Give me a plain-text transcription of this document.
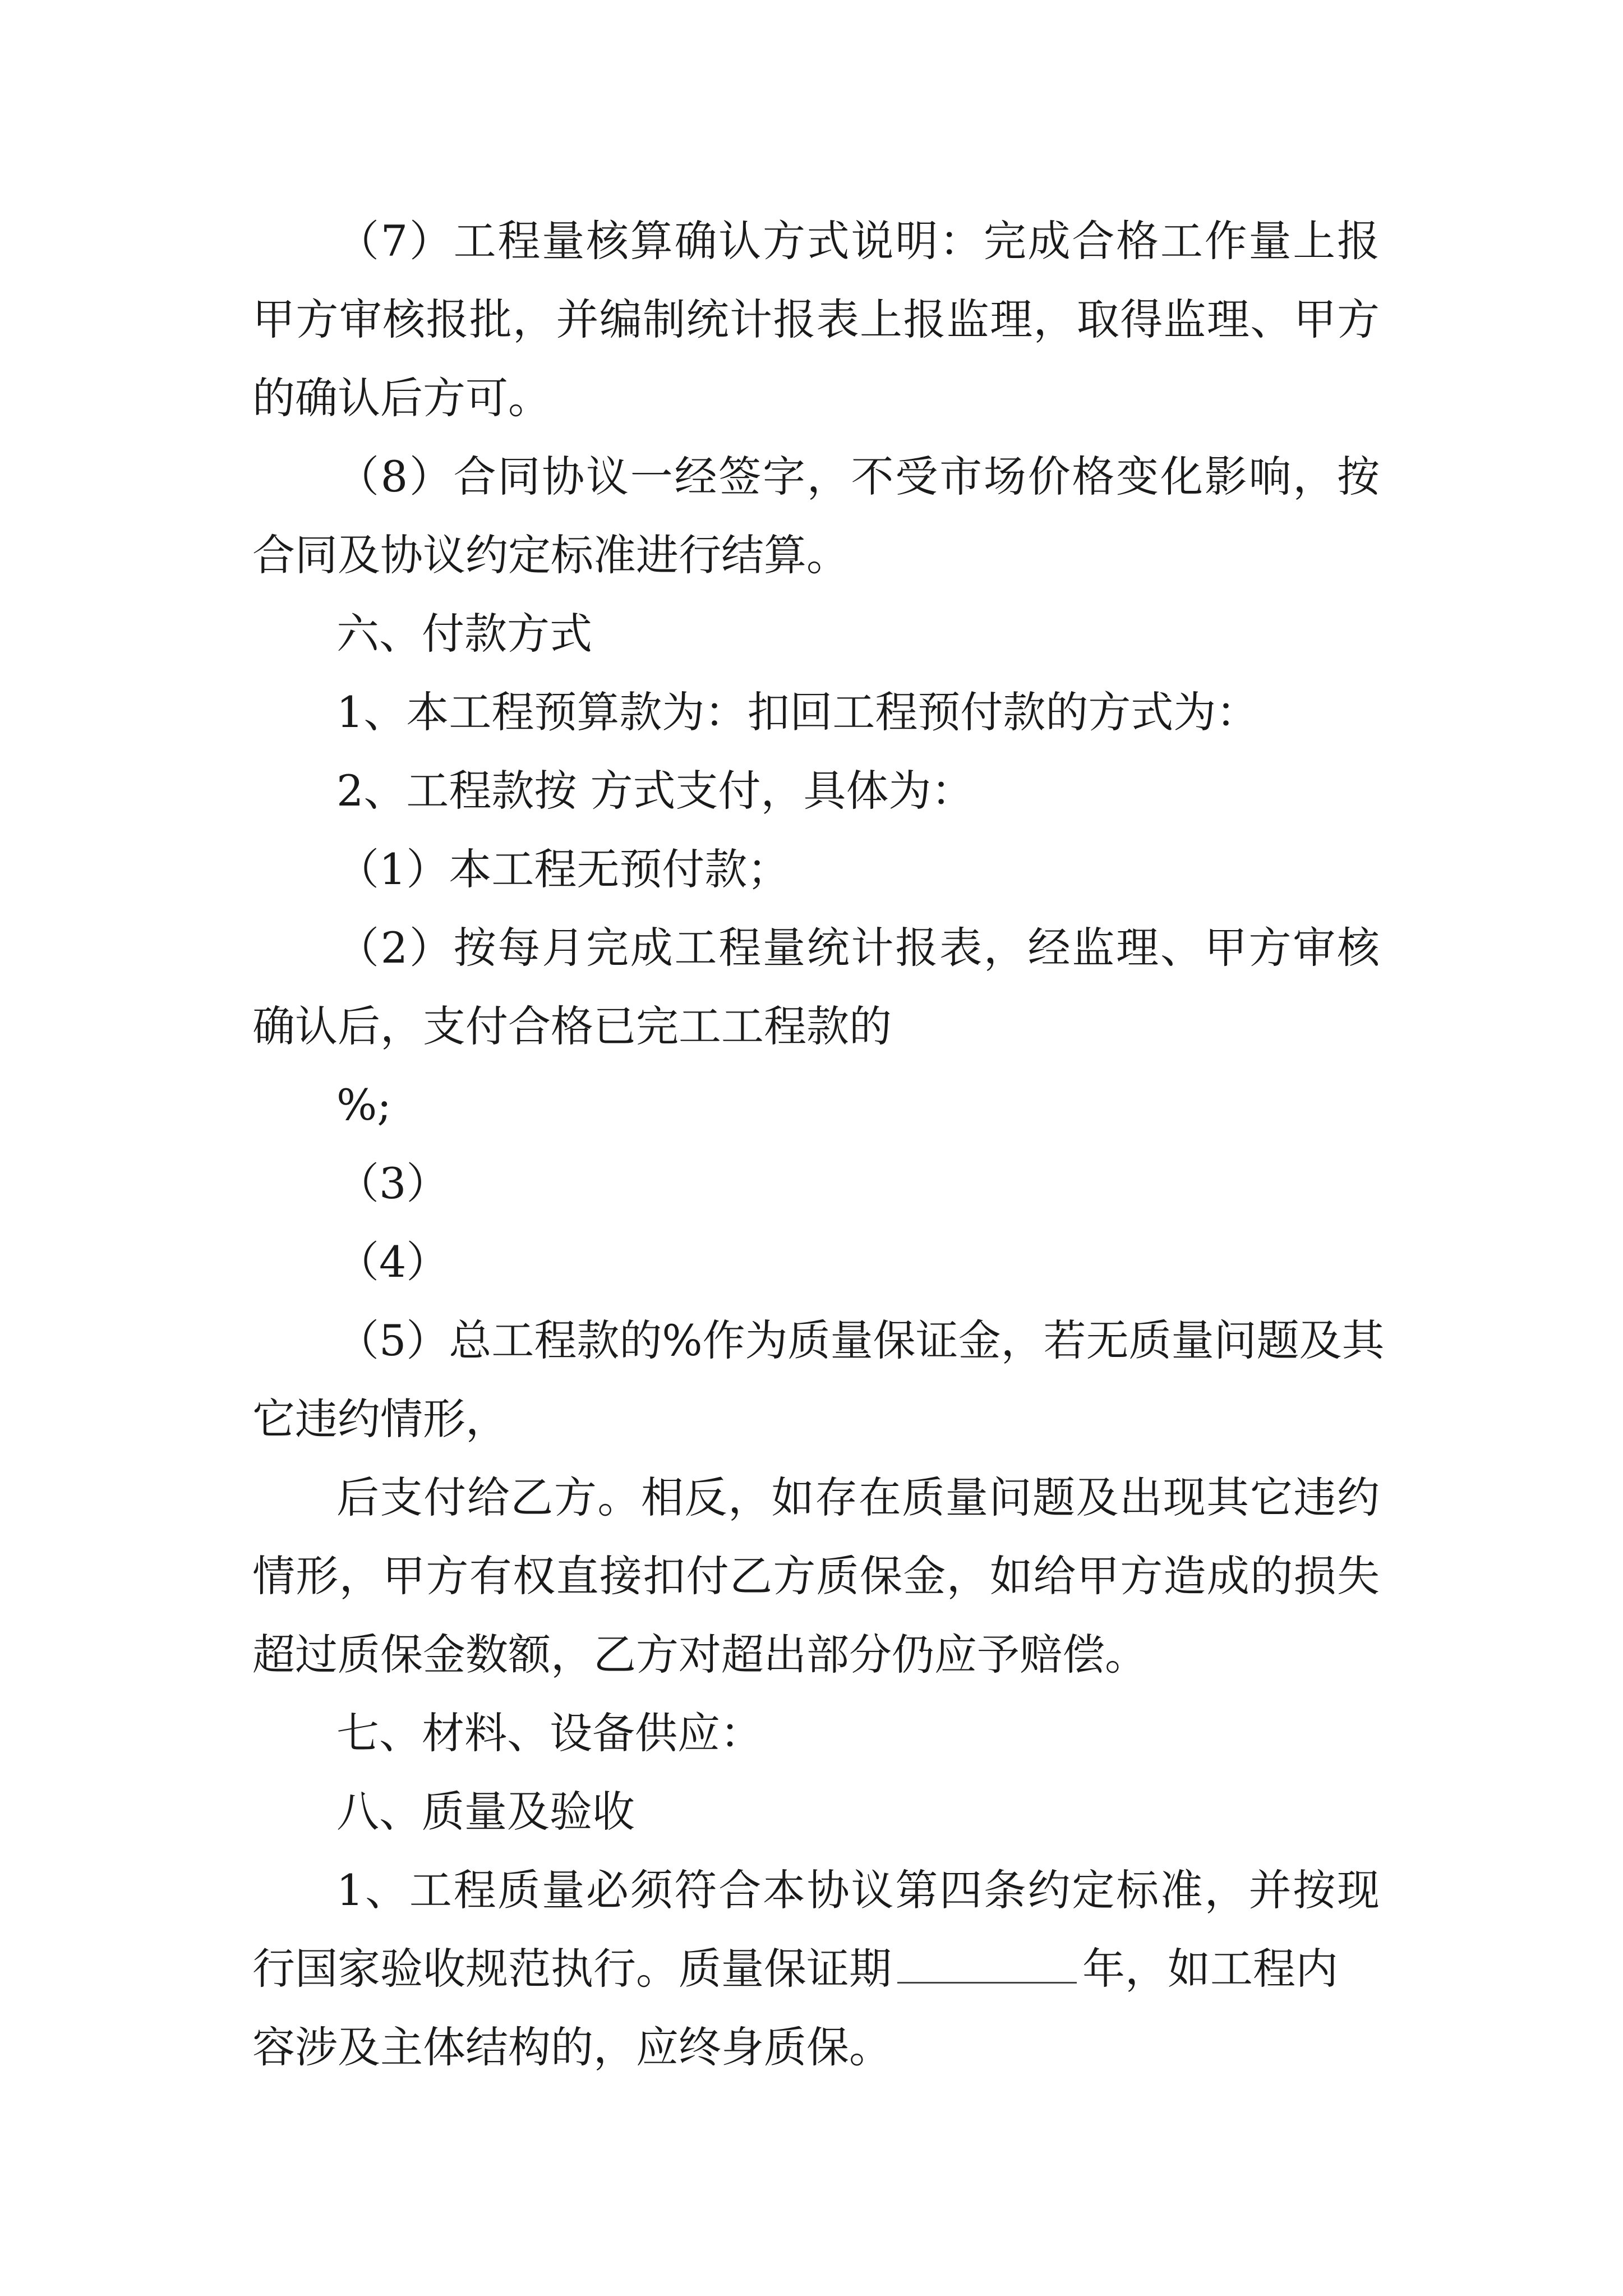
（7）工程量核算确认方式说明：完成合格工作量上报
甲方审核报批，并编制统计报表上报监理，取得监理、甲方
的确认后方可。
（8）合同协议一经签字，不受市场价格变化影响，按
合同及协议约定标准进行结算。
六、付款方式
1、本工程预算款为：扣回工程预付款的方式为：
2、工程款按 方式支付，具体为：
（1）本工程无预付款；
（2）按每月完成工程量统计报表，经监理、甲方审核
确认后，支付合格已完工工程款的
%;
（3）
（4）
（5）总工程款的%作为质量保证金，若无质量问题及其
它违约情形，
后支付给乙方。相反，如存在质量问题及出现其它违约
情形，甲方有权直接扣付乙方质保金，如给甲方造成的损失
超过质保金数额，乙方对超出部分仍应予赔偿。
七、材料、设备供应：
八、质量及验收
1、工程质量必须符合本协议第四条约定标准，并按现
行国家验收规范执行。质量保证期	年，如工程内
容涉及主体结构的，应终身质保。
